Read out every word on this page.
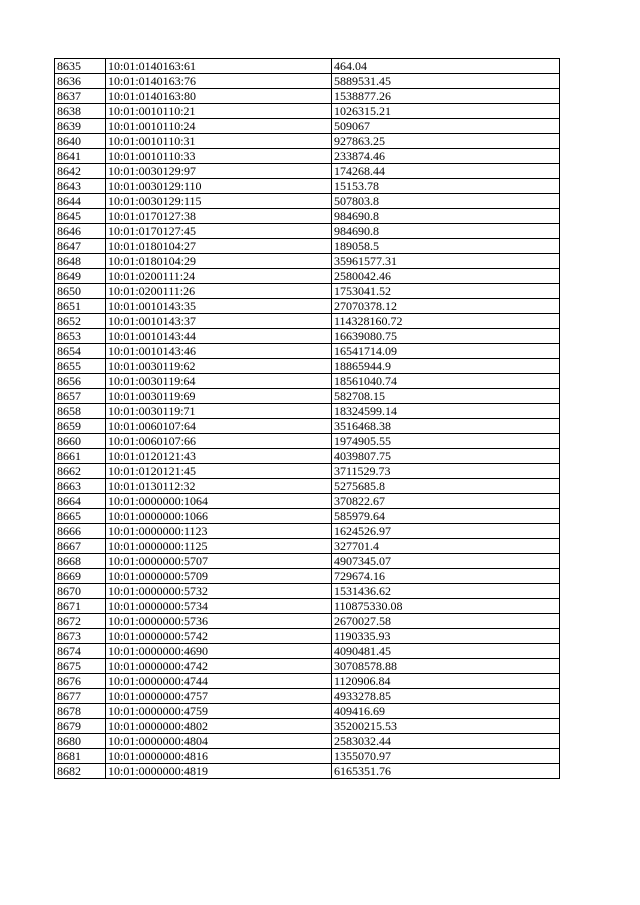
8635	10:01:0140163:61	464.04
8636	10:01:0140163:76	5889531.45
8637	10:01:0140163:80	1538877.26
8638	10:01:0010110:21	1026315.21
8639	10:01:0010110:24	509067
8640	10:01:0010110:31	927863.25
8641	10:01:0010110:33	233874.46
8642	10:01:0030129:97	174268.44
8643	10:01:0030129:110	15153.78
8644	10:01:0030129:115	507803.8
8645	10:01:0170127:38	984690.8
8646	10:01:0170127:45	984690.8
8647	10:01:0180104:27	189058.5
8648	10:01:0180104:29	35961577.31
8649	10:01:0200111:24	2580042.46
8650	10:01:0200111:26	1753041.52
8651	10:01:0010143:35	27070378.12
8652	10:01:0010143:37	114328160.72
8653	10:01:0010143:44	16639080.75
8654	10:01:0010143:46	16541714.09
8655	10:01:0030119:62	18865944.9
8656	10:01:0030119:64	18561040.74
8657	10:01:0030119:69	582708.15
8658	10:01:0030119:71	18324599.14
8659	10:01:0060107:64	3516468.38
8660	10:01:0060107:66	1974905.55
8661	10:01:0120121:43	4039807.75
8662	10:01:0120121:45	3711529.73
8663	10:01:0130112:32	5275685.8
8664	10:01:0000000:1064	370822.67
8665	10:01:0000000:1066	585979.64
8666	10:01:0000000:1123	1624526.97
8667	10:01:0000000:1125	327701.4
8668	10:01:0000000:5707	4907345.07
8669	10:01:0000000:5709	729674.16
8670	10:01:0000000:5732	1531436.62
8671	10:01:0000000:5734	110875330.08
8672	10:01:0000000:5736	2670027.58
8673	10:01:0000000:5742	1190335.93
8674	10:01:0000000:4690	4090481.45
8675	10:01:0000000:4742	30708578.88
8676	10:01:0000000:4744	1120906.84
8677	10:01:0000000:4757	4933278.85
8678	10:01:0000000:4759	409416.69
8679	10:01:0000000:4802	35200215.53
8680	10:01:0000000:4804	2583032.44
8681	10:01:0000000:4816	1355070.97
8682	10:01:0000000:4819	6165351.76
